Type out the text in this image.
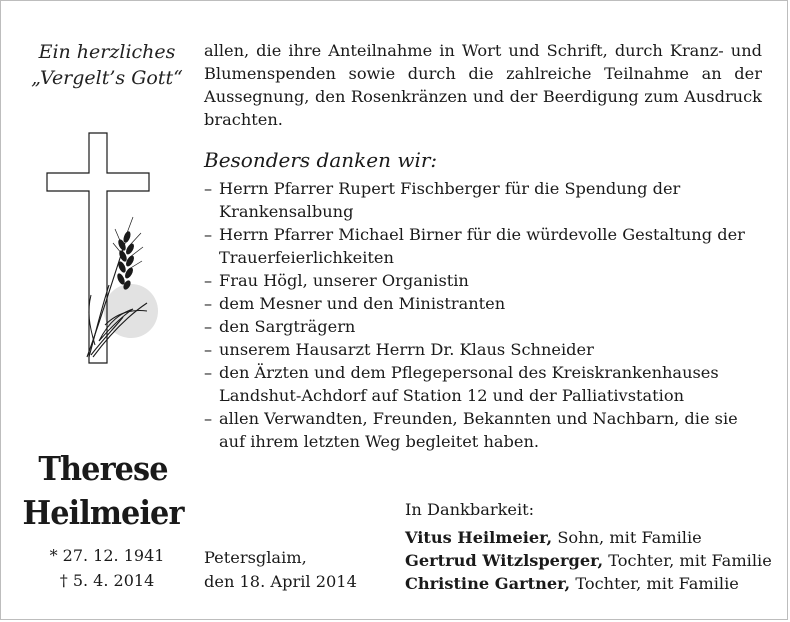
Ein herzliches
„Vergelt’s Gott“
allen, die ihre Anteilnahme in Wort und Schrift, durch Kranz- und Blumenspenden sowie durch die zahlreiche Teilnahme an der Aussegnung, den Rosenkränzen und der Beerdigung zum Ausdruck brachten.
Besonders danken wir:
– Herrn Pfarrer Rupert Fischberger für die Spendung der Krankensalbung
– Herrn Pfarrer Michael Birner für die würdevolle Gestaltung der Trauerfeierlichkeiten
– Frau Högl, unserer Organistin
– dem Mesner und den Ministranten
– den Sargträgern
– unserem Hausarzt Herrn Dr. Klaus Schneider
– den Ärzten und dem Pflegepersonal des Kreiskrankenhauses Landshut-Achdorf auf Station 12 und der Palliativstation
– allen Verwandten, Freunden, Bekannten und Nachbarn, die sie auf ihrem letzten Weg begleitet haben.
Therese
Heilmeier
* 27. 12. 1941
† 5. 4. 2014
Petersglaim,
den 18. April 2014
In Dankbarkeit:
Vitus Heilmeier, Sohn, mit Familie
Gertrud Witzlsperger, Tochter, mit Familie
Christine Gartner, Tochter, mit Familie
